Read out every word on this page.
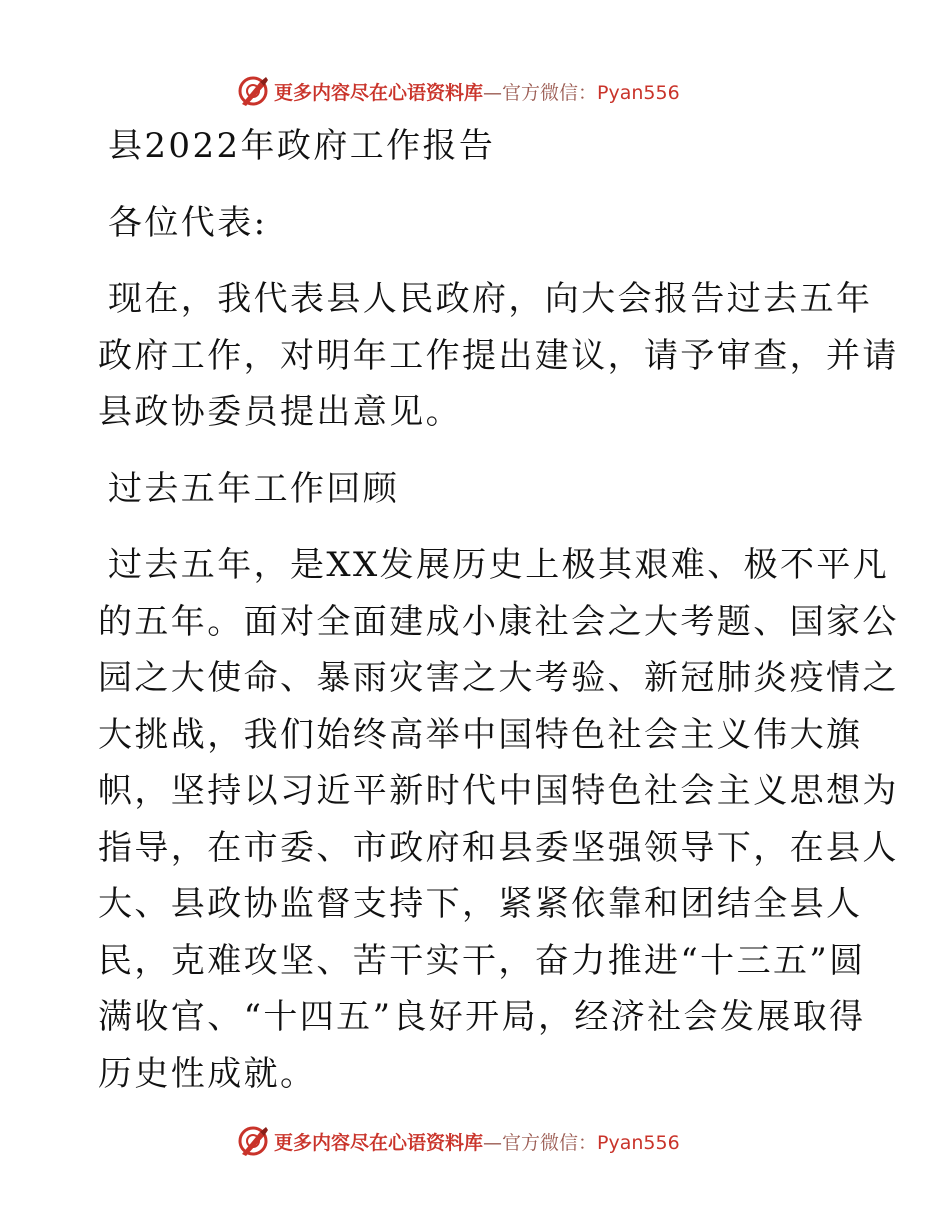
更多内容尽在心语资料库—官方微信：Pyan556
县2022年政府工作报告
各位代表:
现在，我代表县人民政府，向大会报告过去五年
政府工作，对明年工作提出建议，请予审查，并请
县政协委员提出意见。
过去五年工作回顾
过去五年，是XX发展历史上极其艰难、极不平凡
的五年。面对全面建成小康社会之大考题、国家公
园之大使命、暴雨灾害之大考验、新冠肺炎疫情之
大挑战，我们始终高举中国特色社会主义伟大旗
帜，坚持以习近平新时代中国特色社会主义思想为
指导，在市委、市政府和县委坚强领导下，在县人
大、县政协监督支持下，紧紧依靠和团结全县人
民，克难攻坚、苦干实干，奋力推进“十三五”圆
满收官、“十四五”良好开局，经济社会发展取得
历史性成就。
更多内容尽在心语资料库—官方微信：Pyan556
